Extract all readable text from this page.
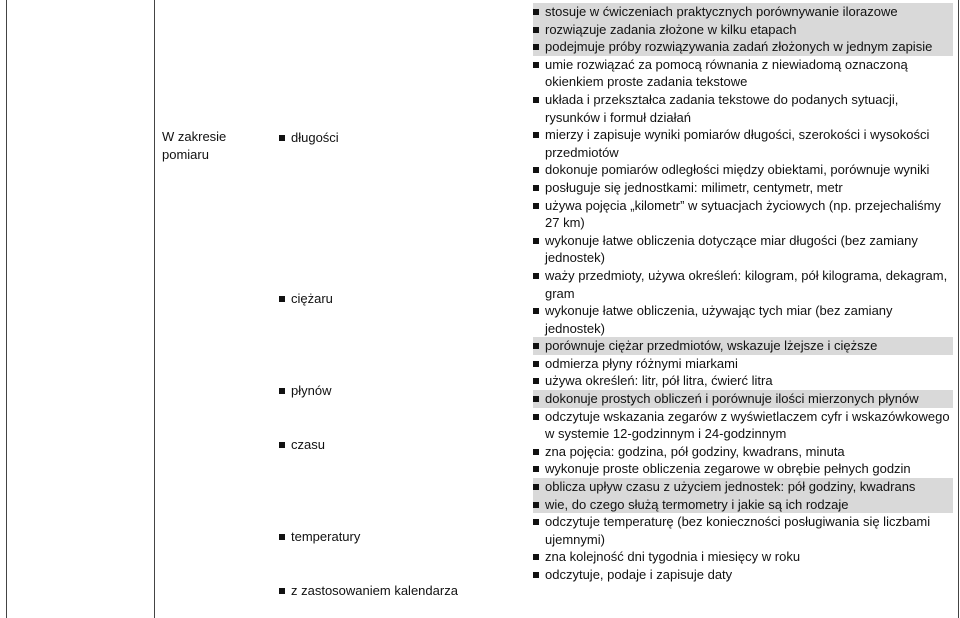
W zakresie pomiaru
długości
ciężaru
płynów
czasu
temperatury
z zastosowaniem kalendarza
stosuje w ćwiczeniach praktycznych porównywanie ilorazowe
rozwiązuje zadania złożone w kilku etapach
podejmuje próby rozwiązywania zadań złożonych w jednym zapisie
umie rozwiązać za pomocą równania z niewiadomą oznaczoną okienkiem proste zadania tekstowe
układa i przekształca zadania tekstowe do podanych sytuacji, rysunków i formuł działań
mierzy i zapisuje wyniki pomiarów długości, szerokości i wysokości przedmiotów
dokonuje pomiarów odległości między obiektami, porównuje wyniki
posługuje się jednostkami: milimetr, centymetr, metr
używa pojęcia „kilometr” w sytuacjach życiowych (np. przejechaliśmy 27 km)
wykonuje łatwe obliczenia dotyczące miar długości (bez zamiany jednostek)
waży przedmioty, używa określeń: kilogram, pół kilograma, dekagram, gram
wykonuje łatwe obliczenia, używając tych miar (bez zamiany jednostek)
porównuje ciężar przedmiotów, wskazuje lżejsze i cięższe
odmierza płyny różnymi miarkami
używa określeń: litr, pół litra, ćwierć litra
dokonuje prostych obliczeń i porównuje ilości mierzonych płynów
odczytuje wskazania zegarów z wyświetlaczem cyfr i wskazówkowego w systemie 12-godzinnym i 24-godzinnym
zna pojęcia: godzina, pół godziny, kwadrans, minuta
wykonuje proste obliczenia zegarowe w obrębie pełnych godzin
oblicza upływ czasu z użyciem jednostek: pół godziny, kwadrans
wie, do czego służą termometry i jakie są ich rodzaje
odczytuje temperaturę (bez konieczności posługiwania się liczbami ujemnymi)
zna kolejność dni tygodnia i miesięcy w roku
odczytuje, podaje i zapisuje daty
